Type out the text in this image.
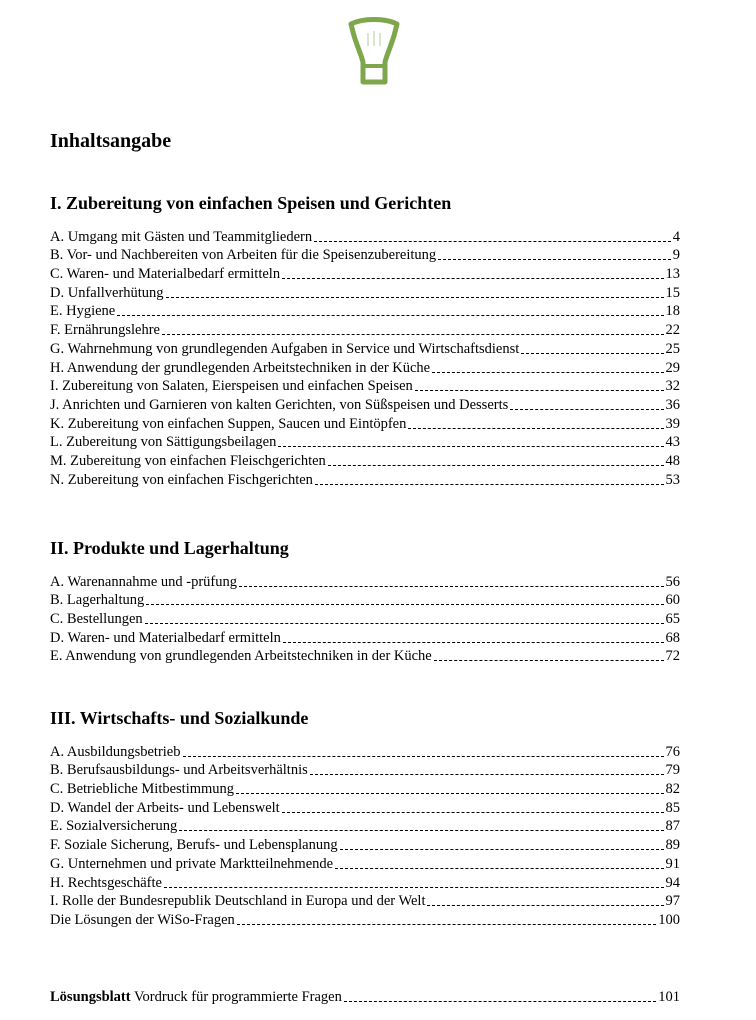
Inhaltsangabe
I. Zubereitung von einfachen Speisen und Gerichten
A. Umgang mit Gästen und Teammitgliedern	4
B. Vor- und Nachbereiten von Arbeiten für die Speisenzubereitung	9
C. Waren- und Materialbedarf ermitteln	13
D. Unfallverhütung	15
E. Hygiene	18
F. Ernährungslehre	22
G. Wahrnehmung von grundlegenden Aufgaben in Service und Wirtschaftsdienst	25
H. Anwendung der grundlegenden Arbeitstechniken in der Küche	29
I. Zubereitung von Salaten, Eierspeisen und einfachen Speisen	32
J. Anrichten und Garnieren von kalten Gerichten, von Süßspeisen und Desserts	36
K. Zubereitung von einfachen Suppen, Saucen und Eintöpfen	39
L. Zubereitung von Sättigungsbeilagen	43
M. Zubereitung von einfachen Fleischgerichten	48
N. Zubereitung von einfachen Fischgerichten	53
II. Produkte und Lagerhaltung
A. Warenannahme und -prüfung	56
B. Lagerhaltung	60
C. Bestellungen	65
D. Waren- und Materialbedarf ermitteln	68
E. Anwendung von grundlegenden Arbeitstechniken in der Küche	72
III. Wirtschafts- und Sozialkunde
A. Ausbildungsbetrieb	76
B. Berufsausbildungs- und Arbeitsverhältnis	79
C. Betriebliche Mitbestimmung	82
D. Wandel der Arbeits- und Lebenswelt	85
E. Sozialversicherung	87
F. Soziale Sicherung, Berufs- und Lebensplanung	89
G. Unternehmen und private Marktteilnehmende	91
H. Rechtsgeschäfte	94
I. Rolle der Bundesrepublik Deutschland in Europa und der Welt	97
Die Lösungen der WiSo-Fragen	100
Lösungsblatt Vordruck für programmierte Fragen	101
